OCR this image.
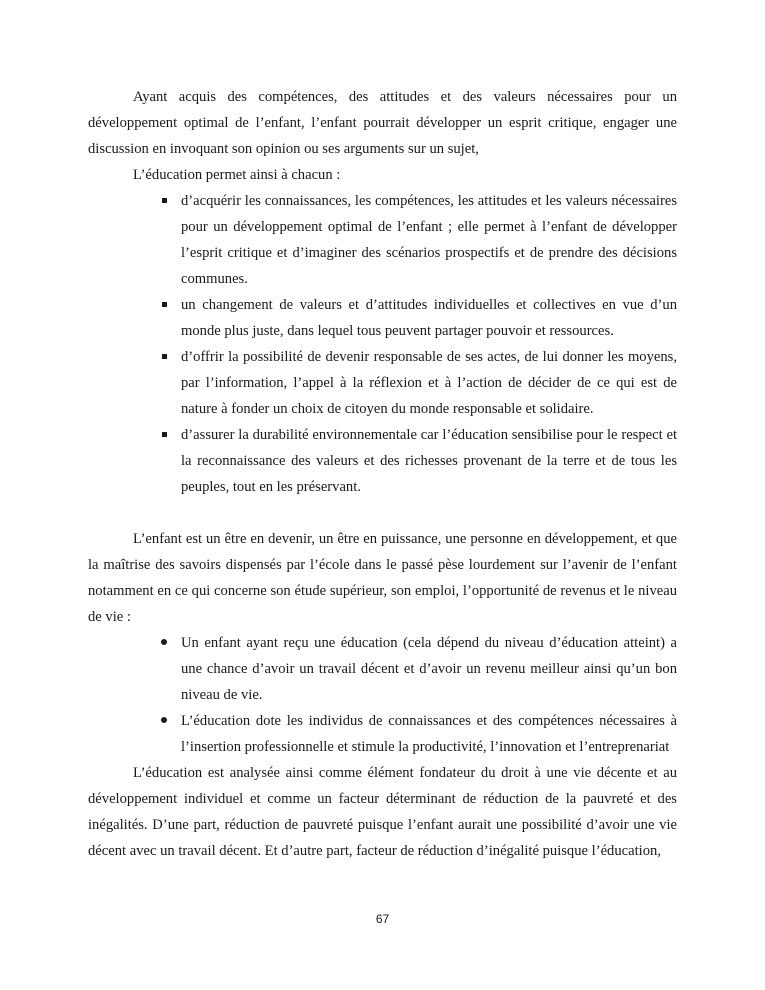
Ayant acquis des compétences, des attitudes et des valeurs nécessaires pour un développement optimal de l’enfant, l’enfant pourrait développer un esprit critique, engager une discussion en invoquant son opinion ou ses arguments sur un sujet,

L’éducation permet ainsi à chacun :

d’acquérir les connaissances, les compétences, les attitudes et les valeurs nécessaires pour un développement optimal de l’enfant ; elle permet à l’enfant de développer l’esprit critique et d’imaginer des scénarios prospectifs et de prendre des décisions communes.
un changement de valeurs et d’attitudes individuelles et collectives en vue d’un monde plus juste, dans lequel tous peuvent partager pouvoir et ressources.
d’offrir la possibilité de devenir responsable de ses actes, de lui donner les moyens, par l’information, l’appel à la réflexion et à l’action de décider de ce qui est de nature à fonder un choix de citoyen du monde responsable et solidaire.
d’assurer la durabilité environnementale car l’éducation sensibilise pour le respect et la reconnaissance des valeurs et des richesses provenant de la terre et de tous les peuples, tout en les préservant.

L’enfant est un être en devenir, un être en puissance, une personne en développement, et que la maîtrise des savoirs dispensés par l’école dans le passé pèse lourdement sur l’avenir de l’enfant notamment en ce qui concerne son étude supérieur, son emploi, l’opportunité de revenus et le niveau de vie :

Un enfant ayant reçu une éducation (cela dépend du niveau d’éducation atteint) a une chance d’avoir un travail décent et d’avoir un revenu meilleur ainsi qu’un bon niveau de vie.
L’éducation dote les individus de connaissances et des compétences nécessaires à l’insertion professionnelle et stimule la productivité, l’innovation et l’entreprenariat

L’éducation est analysée ainsi comme élément fondateur du droit à une vie décente et au développement individuel et comme un facteur déterminant de réduction de la pauvreté et des inégalités. D’une part, réduction de pauvreté puisque l’enfant aurait une possibilité d’avoir une vie décent avec un travail décent. Et d’autre part, facteur de réduction d’inégalité puisque l’éducation,

67
